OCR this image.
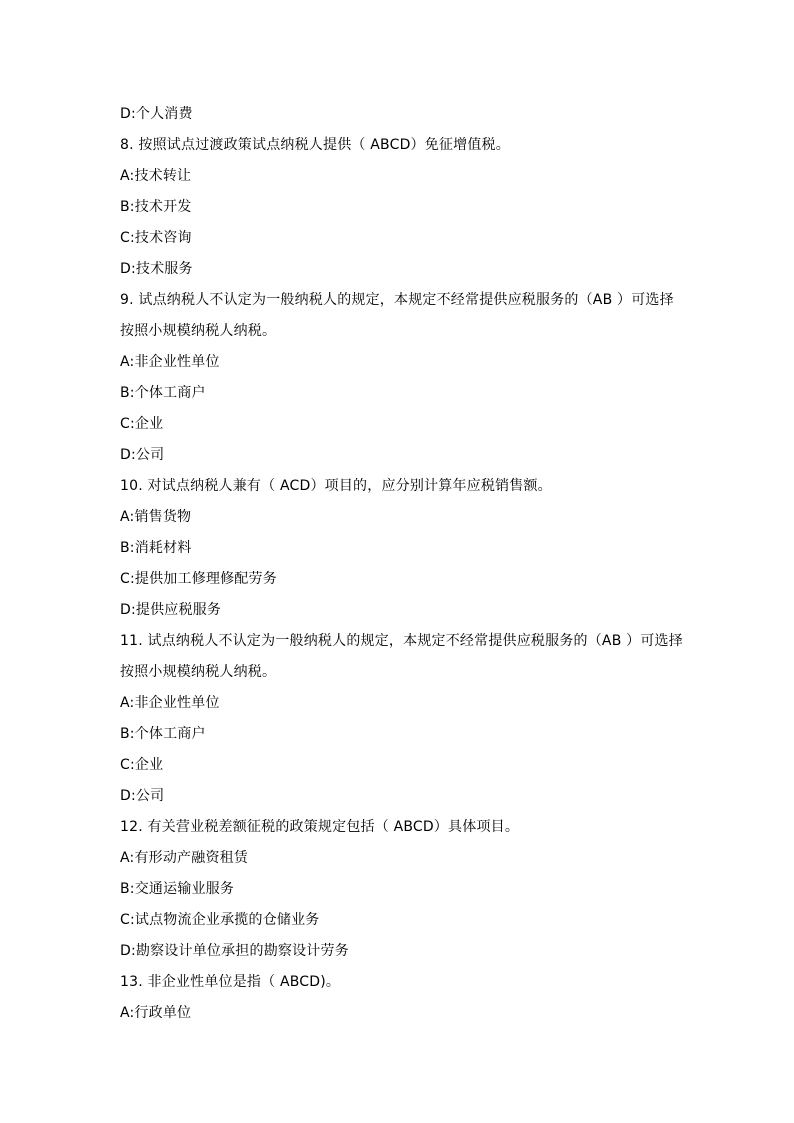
D:个人消费
8. 按照试点过渡政策试点纳税人提供（ ABCD）免征增值税。
A:技术转让
B:技术开发
C:技术咨询
D:技术服务
9. 试点纳税人不认定为一般纳税人的规定，本规定不经常提供应税服务的（AB ）可选择
按照小规模纳税人纳税。
A:非企业性单位
B:个体工商户
C:企业
D:公司
10. 对试点纳税人兼有（ ACD）项目的，应分别计算年应税销售额。
A:销售货物
B:消耗材料
C:提供加工修理修配劳务
D:提供应税服务
11. 试点纳税人不认定为一般纳税人的规定，本规定不经常提供应税服务的（AB ）可选择
按照小规模纳税人纳税。
A:非企业性单位
B:个体工商户
C:企业
D:公司
12. 有关营业税差额征税的政策规定包括（ ABCD）具体项目。
A:有形动产融资租赁
B:交通运输业服务
C:试点物流企业承揽的仓储业务
D:勘察设计单位承担的勘察设计劳务
13. 非企业性单位是指（ ABCD)。
A:行政单位
